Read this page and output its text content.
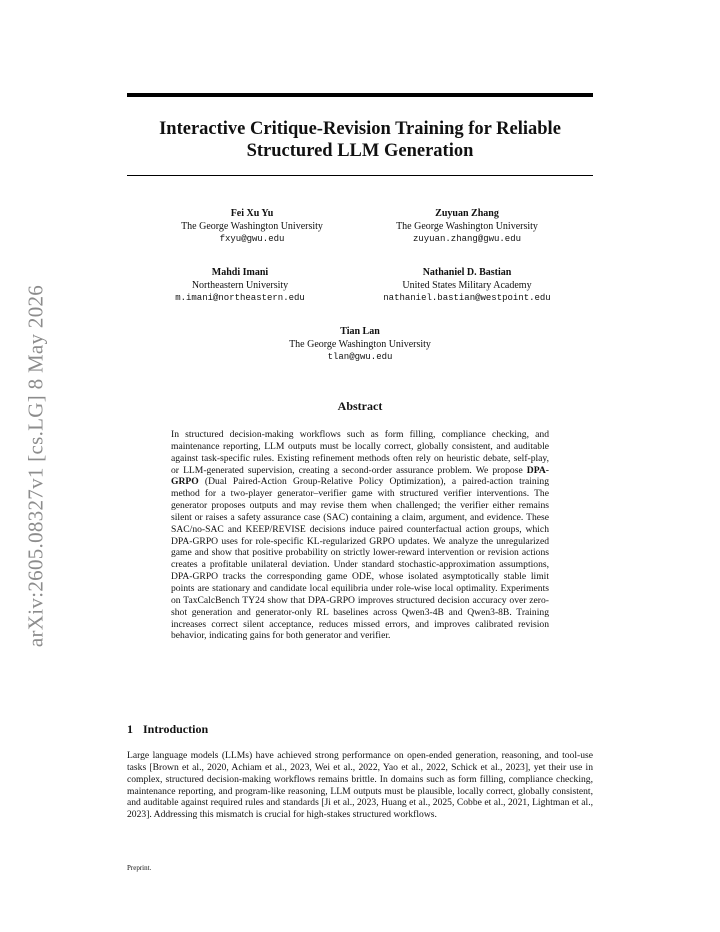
arXiv:2605.08327v1 [cs.LG] 8 May 2026
Interactive Critique-Revision Training for Reliable
Structured LLM Generation
Fei Xu Yu
The George Washington University
fxyu@gwu.edu
Zuyuan Zhang
The George Washington University
zuyuan.zhang@gwu.edu
Mahdi Imani
Northeastern University
m.imani@northeastern.edu
Nathaniel D. Bastian
United States Military Academy
nathaniel.bastian@westpoint.edu
Tian Lan
The George Washington University
tlan@gwu.edu
Abstract
In structured decision-making workflows such as form filling, compliance checking, and maintenance reporting, LLM outputs must be locally correct, globally consistent, and auditable against task-specific rules. Existing refinement methods often rely on heuristic debate, self-play, or LLM-generated supervision, creating a second-order assurance problem. We propose DPA-GRPO (Dual Paired-Action Group-Relative Policy Optimization), a paired-action training method for a two-player generator–verifier game with structured verifier interventions. The generator proposes outputs and may revise them when challenged; the verifier either remains silent or raises a safety assurance case (SAC) containing a claim, argument, and evidence. These SAC/no-SAC and KEEP/REVISE decisions induce paired counterfactual action groups, which DPA-GRPO uses for role-specific KL-regularized GRPO updates. We analyze the unregularized game and show that positive probability on strictly lower-reward intervention or revision actions creates a profitable unilateral deviation. Under standard stochastic-approximation assumptions, DPA-GRPO tracks the corresponding game ODE, whose isolated asymptotically stable limit points are stationary and candidate local equilibria under role-wise local optimality. Experiments on TaxCalcBench TY24 show that DPA-GRPO improves structured decision accuracy over zero-shot generation and generator-only RL baselines across Qwen3-4B and Qwen3-8B. Training increases correct silent acceptance, reduces missed errors, and improves calibrated revision behavior, indicating gains for both generator and verifier.
1 Introduction
Large language models (LLMs) have achieved strong performance on open-ended generation, reasoning, and tool-use tasks [Brown et al., 2020, Achiam et al., 2023, Wei et al., 2022, Yao et al., 2022, Schick et al., 2023], yet their use in complex, structured decision-making workflows remains brittle. In domains such as form filling, compliance checking, maintenance reporting, and program-like reasoning, LLM outputs must be plausible, locally correct, globally consistent, and auditable against required rules and standards [Ji et al., 2023, Huang et al., 2025, Cobbe et al., 2021, Lightman et al., 2023]. Addressing this mismatch is crucial for high-stakes structured workflows.
Preprint.
